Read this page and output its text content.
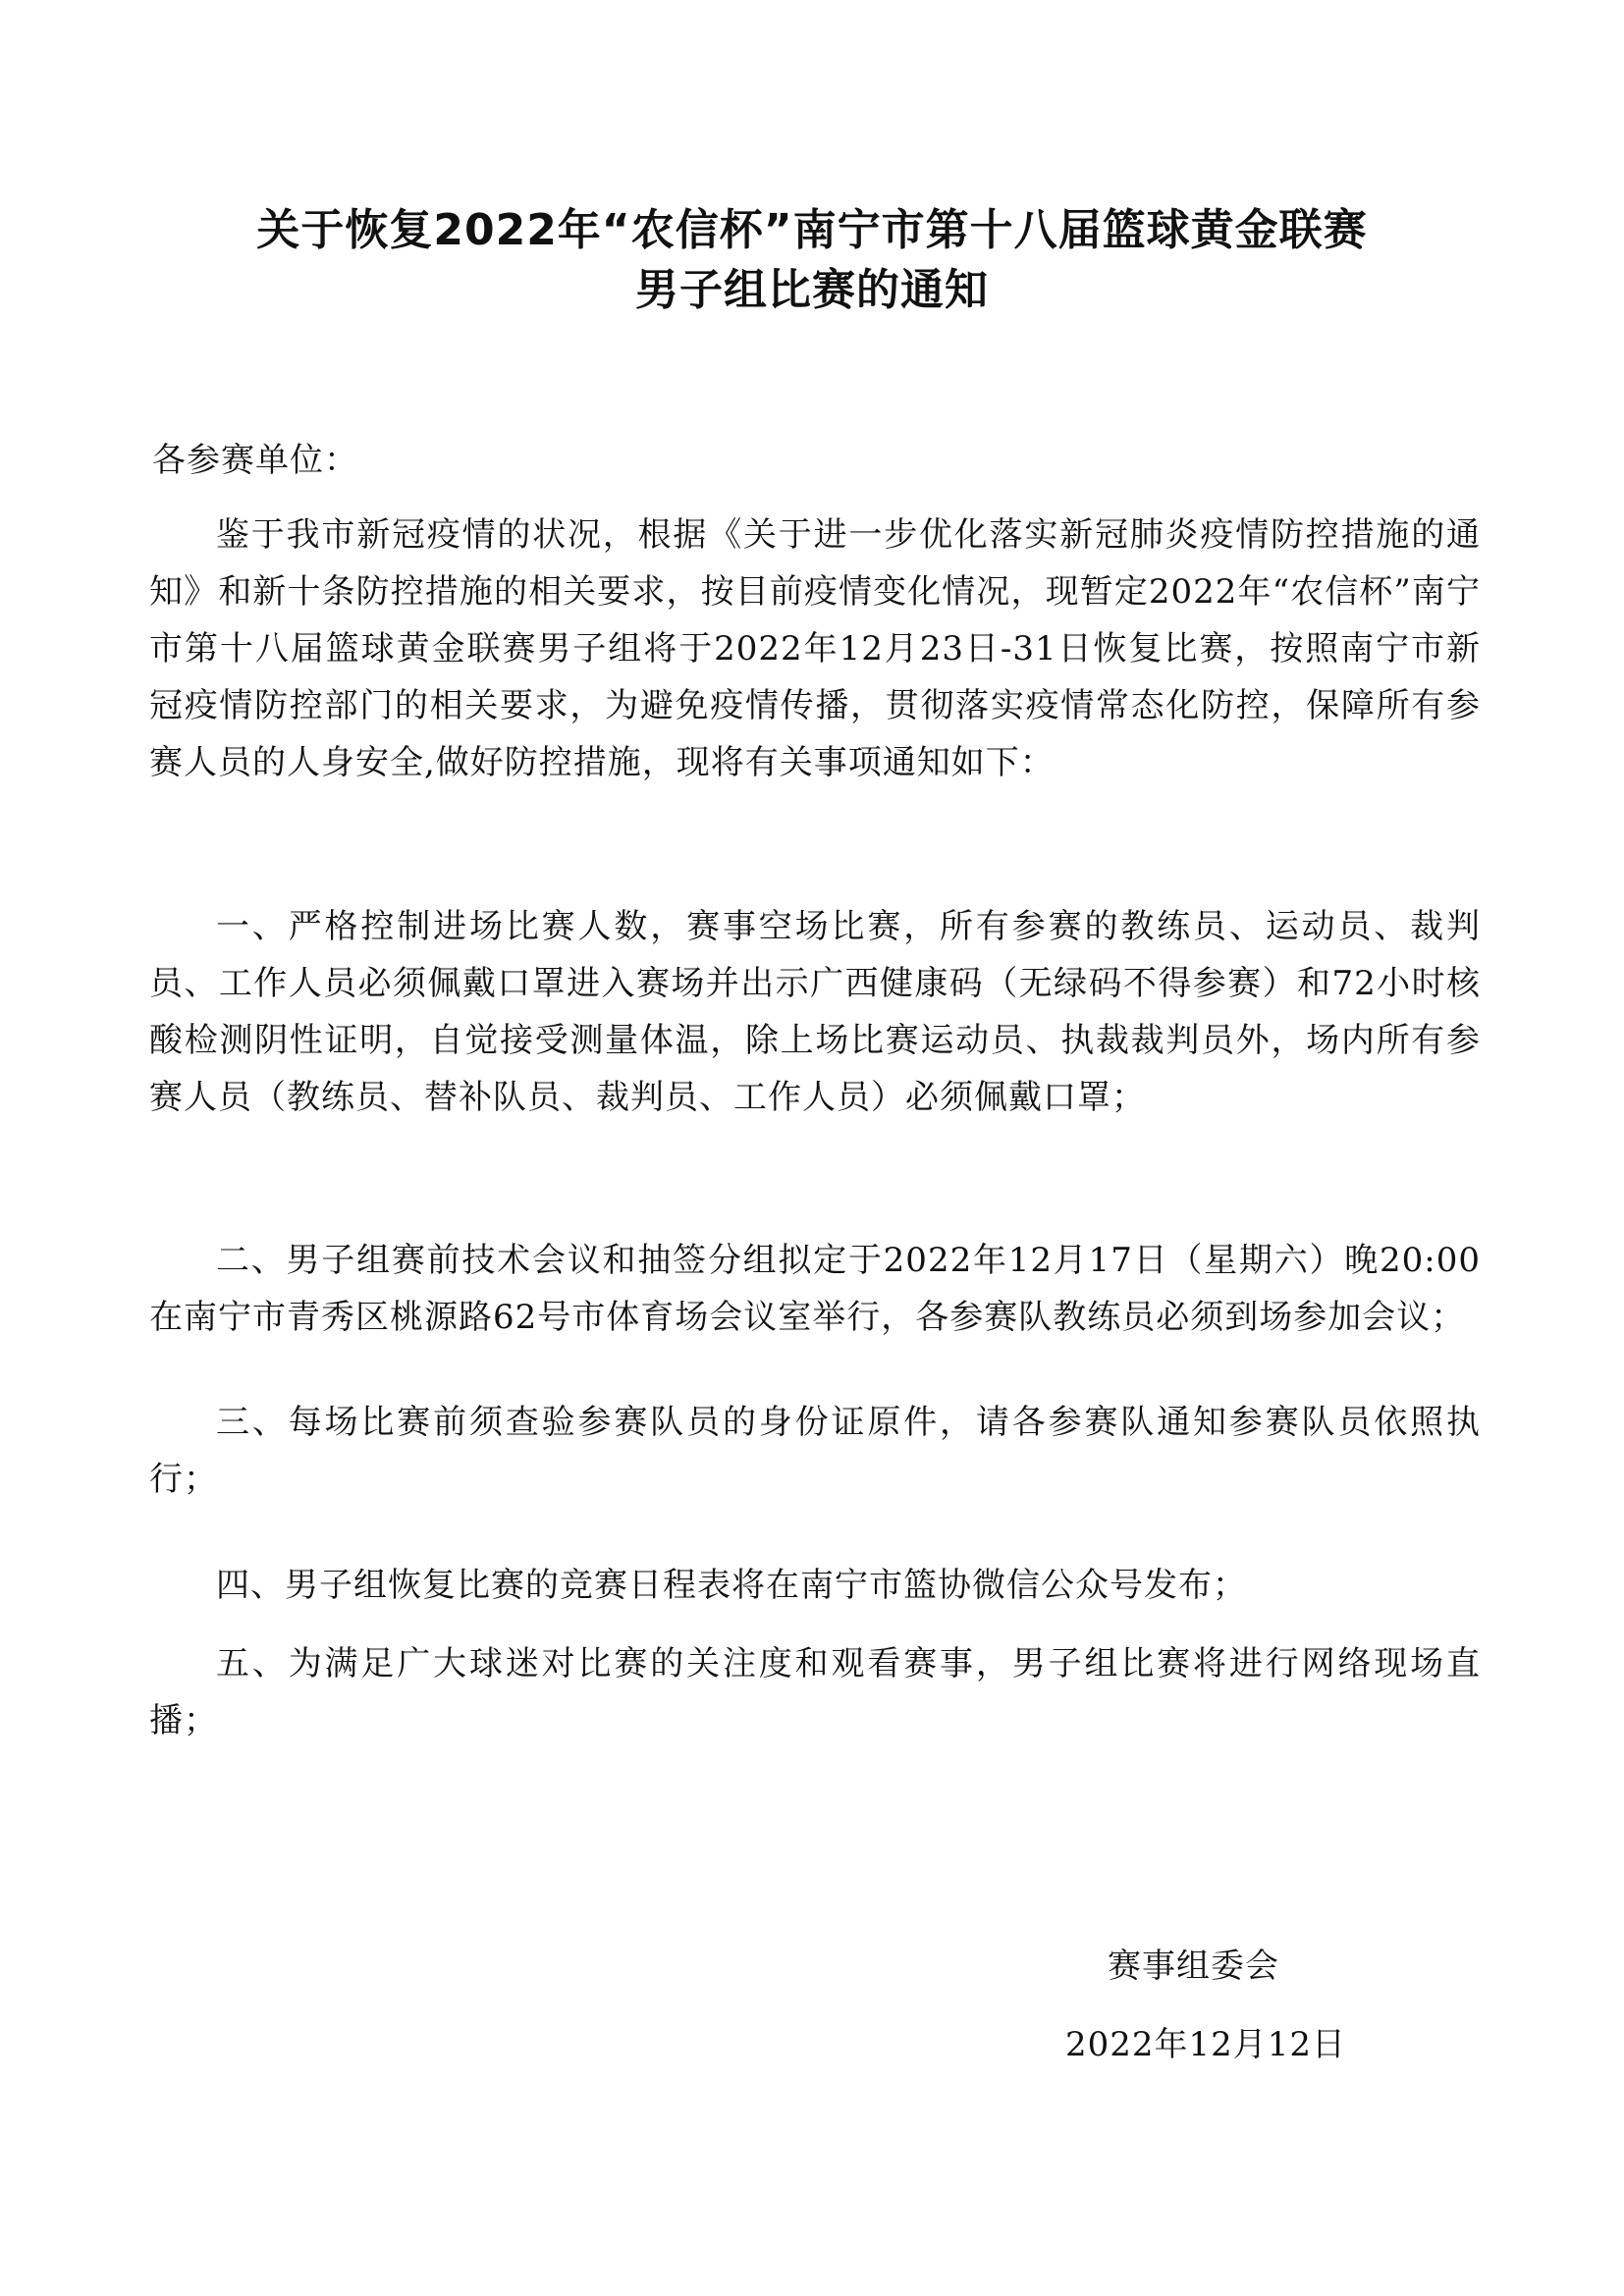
关于恢复2022年“农信杯”南宁市第十八届篮球黄金联赛
男子组比赛的通知

各参赛单位：

鉴于我市新冠疫情的状况，根据《关于进一步优化落实新冠肺炎疫情防控措施的通知》和新十条防控措施的相关要求，按目前疫情变化情况，现暂定2022年“农信杯”南宁市第十八届篮球黄金联赛男子组将于2022年12月23日-31日恢复比赛，按照南宁市新冠疫情防控部门的相关要求，为避免疫情传播，贯彻落实疫情常态化防控，保障所有参赛人员的人身安全,做好防控措施，现将有关事项通知如下：

一、严格控制进场比赛人数，赛事空场比赛，所有参赛的教练员、运动员、裁判员、工作人员必须佩戴口罩进入赛场并出示广西健康码（无绿码不得参赛）和72小时核酸检测阴性证明，自觉接受测量体温，除上场比赛运动员、执裁裁判员外，场内所有参赛人员（教练员、替补队员、裁判员、工作人员）必须佩戴口罩；

二、男子组赛前技术会议和抽签分组拟定于2022年12月17日（星期六）晚20:00在南宁市青秀区桃源路62号市体育场会议室举行，各参赛队教练员必须到场参加会议；

三、每场比赛前须查验参赛队员的身份证原件，请各参赛队通知参赛队员依照执行；

四、男子组恢复比赛的竞赛日程表将在南宁市篮协微信公众号发布；

五、为满足广大球迷对比赛的关注度和观看赛事，男子组比赛将进行网络现场直播；

赛事组委会

2022年12月12日
